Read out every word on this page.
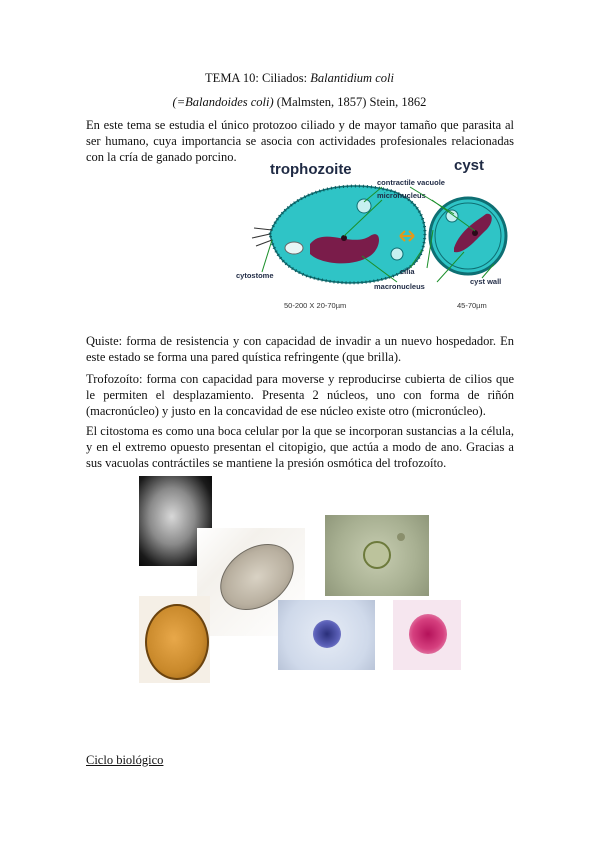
TEMA 10: Ciliados: Balantidium coli
(=Balandoides coli) (Malmsten, 1857) Stein, 1862

En este tema se estudia el único protozoo ciliado y de mayor tamaño que parasita al ser humano, cuya importancia se asocia con actividades profesionales relacionadas con la cría de ganado porcino.

trophozoite	cyst
contractile vacuole
micronucleus
cytostome	cilia
macronucleus
cyst wall
50-200 X 20-70µm	45-70µm

Quiste: forma de resistencia y con capacidad de invadir a un nuevo hospedador. En este estado se forma una pared quística refringente (que brilla).

Trofozoíto: forma con capacidad para moverse y reproducirse cubierta de cilios que le permiten el desplazamiento. Presenta 2 núcleos, uno con forma de riñón (macronúcleo) y justo en la concavidad de ese núcleo existe otro (micronúcleo).

El citostoma es como una boca celular por la que se incorporan sustancias a la célula, y en el extremo opuesto presentan el citopigio, que actúa a modo de ano. Gracias a sus vacuolas contráctiles se mantiene la presión osmótica del trofozoíto.

Ciclo biológico
